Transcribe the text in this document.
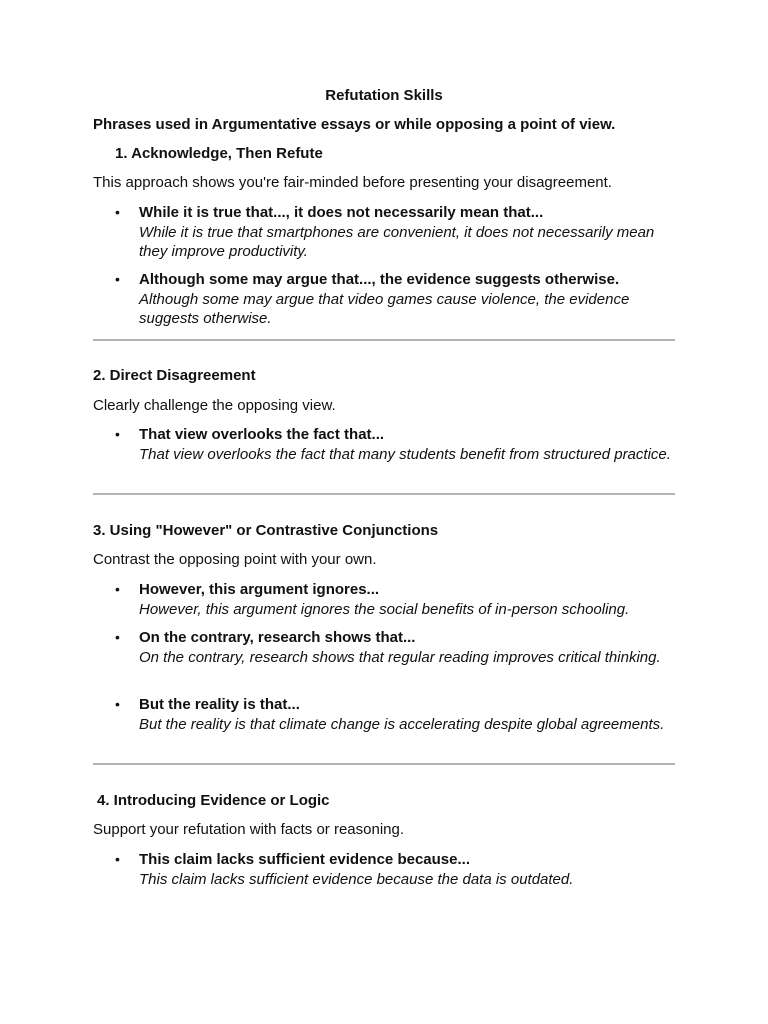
Refutation Skills
Phrases used in Argumentative essays or while opposing a point of view.
1. Acknowledge, Then Refute
This approach shows you're fair-minded before presenting your disagreement.
• While it is true that..., it does not necessarily mean that...
While it is true that smartphones are convenient, it does not necessarily mean they improve productivity.
• Although some may argue that..., the evidence suggests otherwise.
Although some may argue that video games cause violence, the evidence suggests otherwise.
2. Direct Disagreement
Clearly challenge the opposing view.
• That view overlooks the fact that...
That view overlooks the fact that many students benefit from structured practice.
3. Using "However" or Contrastive Conjunctions
Contrast the opposing point with your own.
• However, this argument ignores...
However, this argument ignores the social benefits of in-person schooling.
• On the contrary, research shows that...
On the contrary, research shows that regular reading improves critical thinking.
• But the reality is that...
But the reality is that climate change is accelerating despite global agreements.
4. Introducing Evidence or Logic
Support your refutation with facts or reasoning.
• This claim lacks sufficient evidence because...
This claim lacks sufficient evidence because the data is outdated.
